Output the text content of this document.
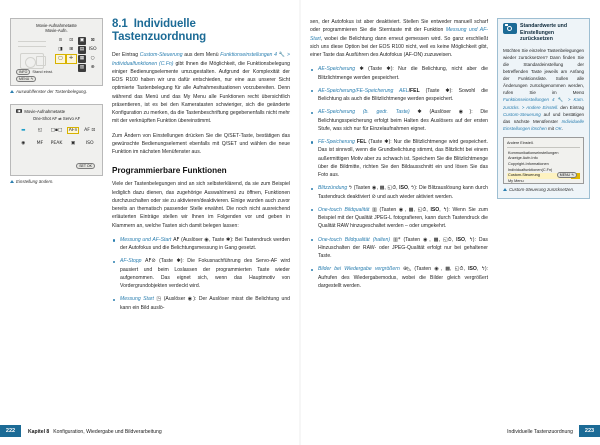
Movie-Aufnahmetaste
Movie-Aufn.
⊙	⊡	▣	⊠
◨	⊞	▤	ISO
▢	✛	▦	○
▥	⊕
INFO Stand einst.
MENU ↰
Auswahlfenster der Tastenbelegung.
▣ Movie-Aufnahmetaste
One-Shot AF ⇄ Servo AF
▬	◱ □▪□ AFn AF ⊡
◉ MF PEAK ▣ ISO
SET OK
Einstellung ändern.
8.1 Individuelle Tastenzuordnung

Der Eintrag Custom-Steuerung aus dem Menü Funktionseinstellungen 4 🔧 > Individualfunktionen (C.Fn) gibt Ihnen die Möglichkeit, die Funktionsbelegung einiger Bedienungselemente umzugestalten. Aufgrund der Komplexität der EOS R100 haben wir uns dafür entschieden, nur eine aus unserer Sicht optimierte Tastenbelegung für alle Aufnahmesituationen vorzubereiten. Denn während das Menü und das My Menu alle Funktionen recht übersichtlich präsentieren, ist es bei den Kameratasten schwieriger, sich die geänderte Konfiguration zu merken, da die Tastenbeschriftung gegebenenfalls nicht mehr mit der verknüpften Funktion übereinstimmt.

Zum Ändern von Einstellungen drücken Sie die Q/SET-Taste, bestätigen das gewünschte Bedienungselement ebenfalls mit Q/SET und wählen die neue Funktion im nächsten Menüfenster aus.

Programmierbare Funktionen

Viele der Tastenbelegungen sind an sich selbsterklärend, da sie zum Beispiel lediglich dazu dienen, das zugehörige Auswahlmenü zu öffnen, Funktionen durchzuschalten oder sie zu aktivieren/deaktivieren. Einige wurden auch zuvor bereits an thematisch passender Stelle erwähnt. Die noch nicht ausreichend erläuterten Einträge stellen wir Ihnen im Folgenden vor und geben in Klammern an, welche Tasten sich damit belegen lassen:

Messung und AF-Start AF (Auslöser ◉, Taste ✱): Bei Tastendruck werden der Autofokus und die Belichtungsmessung in Gang gesetzt.
AF-Stopp AF⊘ (Taste ✱): Die Fokusnachführung des Servo-AF wird pausiert und beim Loslassen der programmierten Taste wieder aufgenommen. Das eignet sich, wenn das Hauptmotiv von Vordergrundobjekten verdeckt wird.
Messung Start ◳ (Auslöser ◉): Der Auslöser misst die Belichtung und kann ein Bild auslö-
222	Kapitel 8 Konfiguration, Wiedergabe und Bildverarbeitung

sen, der Autofokus ist aber deaktiviert. Stellen Sie entweder manuell scharf oder programmieren Sie die Sterntaste mit der Funktion Messung und AF-Start, wobei die Belichtung dann erneut gemessen wird. So ganz erschließt sich uns diese Option bei der EOS R100 nicht, weil es keine Möglichkeit gibt, einer Taste das Ausführen des Autofokus (AF-ON) zuzuweisen.

AE-Speicherung ✱ (Taste ✱): Nur die Belichtung, nicht aber die Blitzlichtmenge werden gespeichert.
AE-Speicherung/FE-Speicherung AEL/FEL (Taste ✱): Sowohl die Belichtung als auch die Blitzlichtmenge werden gespeichert.
AE-Speicherung (b. gedr. Taste) ✱ (Auslöser ◉): Die Belichtungsspeicherung erfolgt beim Halten des Auslösers auf der ersten Stufe, was sich nur für Einzelaufnahmen eignet.
FE-Speicherung FEL (Taste ✱): Nur die Blitzlichtmenge wird gespeichert. Das ist sinnvoll, wenn die Grundbelichtung stimmt, das Blitzlicht bei einem außermittigen Motiv aber zu schwach ist. Speichern Sie die Blitzlichtmenge über die Bildmitte, richten Sie den Bildausschnitt ein und lösen Sie das Foto aus.
Blitzzündung ϟ (Tasten ◉, ▩, ◱⏱, ISO, ϟ): Die Blitzauslösung kann durch Tastendruck deaktiviert ⊘ und auch wieder aktiviert werden.
One-touch Bildqualität ▥ (Tasten ◉, ▩, ◱⏱, ISO, ϟ): Wenn Sie zum Beispiel mit der Qualität JPEG-L fotografieren, kann durch Tastendruck die Qualität RAW hinzugeschaltet werden – oder umgekehrt.
One-touch Bildqualität (halten) ▥* (Tasten ◉, ▩, ◱⏱, ISO, ϟ): Das Hinzuschalten der RAW- oder JPEG-Qualität erfolgt nur bei gehaltener Taste.
Bilder bei Wiedergabe vergrößern ⊕◺ (Tasten ◉, ▩, ◱⏱, ISO, ϟ): Aufrufen des Wiedergabemodus, wobei die Bilder gleich vergrößert dargestellt werden.
Standardwerte und Einstellungen zurücksetzen

Möchten Sie einzelne Tastenbelegungen wieder zurücksetzen? Dann finden Sie die Standardeinstellung der betreffenden Taste jeweils am Anfang der Funktionsliste. Sollen alle Änderungen zurückgenommen werden, rufen Sie im Menü Funktionseinstellungen 4 🔧 > Kam. zurücks. > Andere Einstell. den Eintrag Custom-Steuerung auf und bestätigen das nächste Menüfenster Individuelle Einstellungen löschen mit OK.

Andere Einstell.
Kommunikationseinstellungen
Anzeige Aufn.Info
Copyright-Informationen
Individualfunktionen(C.Fn)
Custom-Steuerung
My Menu
MENU ↰
Custom-Steuerung zurücksetzen.
Individuelle Tastenzuordnung	223
